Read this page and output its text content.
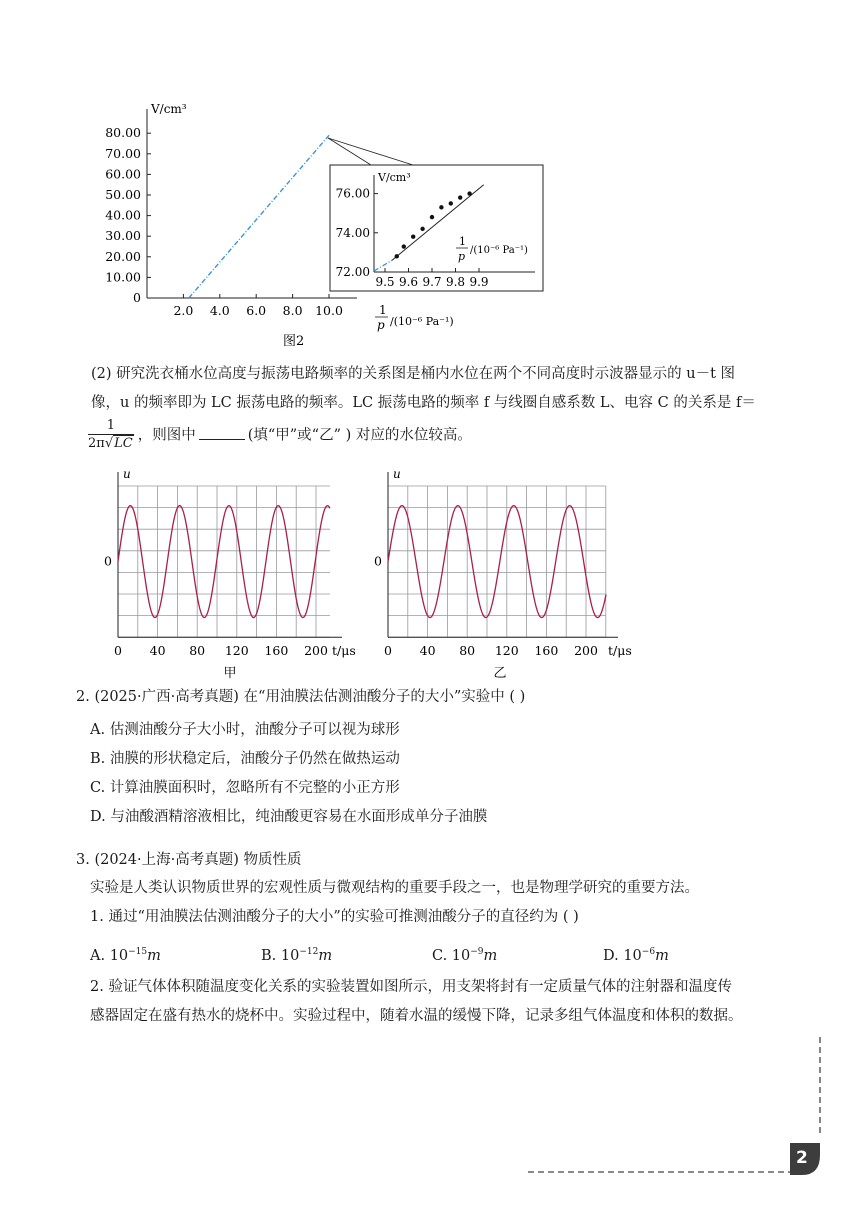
V/cm³
80.00
70.00
60.00
50.00
40.00
30.00
20.00
10.00
0
2.0 4.0 6.0 8.0 10.0	1
p /(10⁻⁶ Pa⁻¹)
图2
V/cm³
76.00
74.00
72.00
9.5 9.6 9.7 9.8 9.9
1
p /(10⁻⁶ Pa⁻¹)
(2) 研究洗衣桶水位高度与振荡电路频率的关系图是桶内水位在两个不同高度时示波器显示的 u－t 图
像，u 的频率即为 LC 振荡电路的频率。LC 振荡电路的频率 f 与线圈自感系数 L、电容 C 的关系是 f＝
$\frac{1}{2\pi√LC}$ ，则图中	(填“甲”或“乙” ) 对应的水位较高。
u
0
0 40 80 120 160 200 t/μs
甲
u
0
0 40 80 120 160 200 t/μs
乙
2. (2025·广西·高考真题) 在“用油膜法估测油酸分子的大小”实验中 ( )
A. 估测油酸分子大小时，油酸分子可以视为球形
B. 油膜的形状稳定后，油酸分子仍然在做热运动
C. 计算油膜面积时，忽略所有不完整的小正方形
D. 与油酸酒精溶液相比，纯油酸更容易在水面形成单分子油膜
3. (2024·上海·高考真题) 物质性质
实验是人类认识物质世界的宏观性质与微观结构的重要手段之一，也是物理学研究的重要方法。
1. 通过“用油膜法估测油酸分子的大小”的实验可推测油酸分子的直径约为 ( )
A. $10^{-15}m$	B. $10^{-12}m$	C. $10^{-9}m$	D. $10^{-6}m$
2. 验证气体体积随温度变化关系的实验装置如图所示，用支架将封有一定质量气体的注射器和温度传
感器固定在盛有热水的烧杯中。实验过程中，随着水温的缓慢下降，记录多组气体温度和体积的数据。
2
